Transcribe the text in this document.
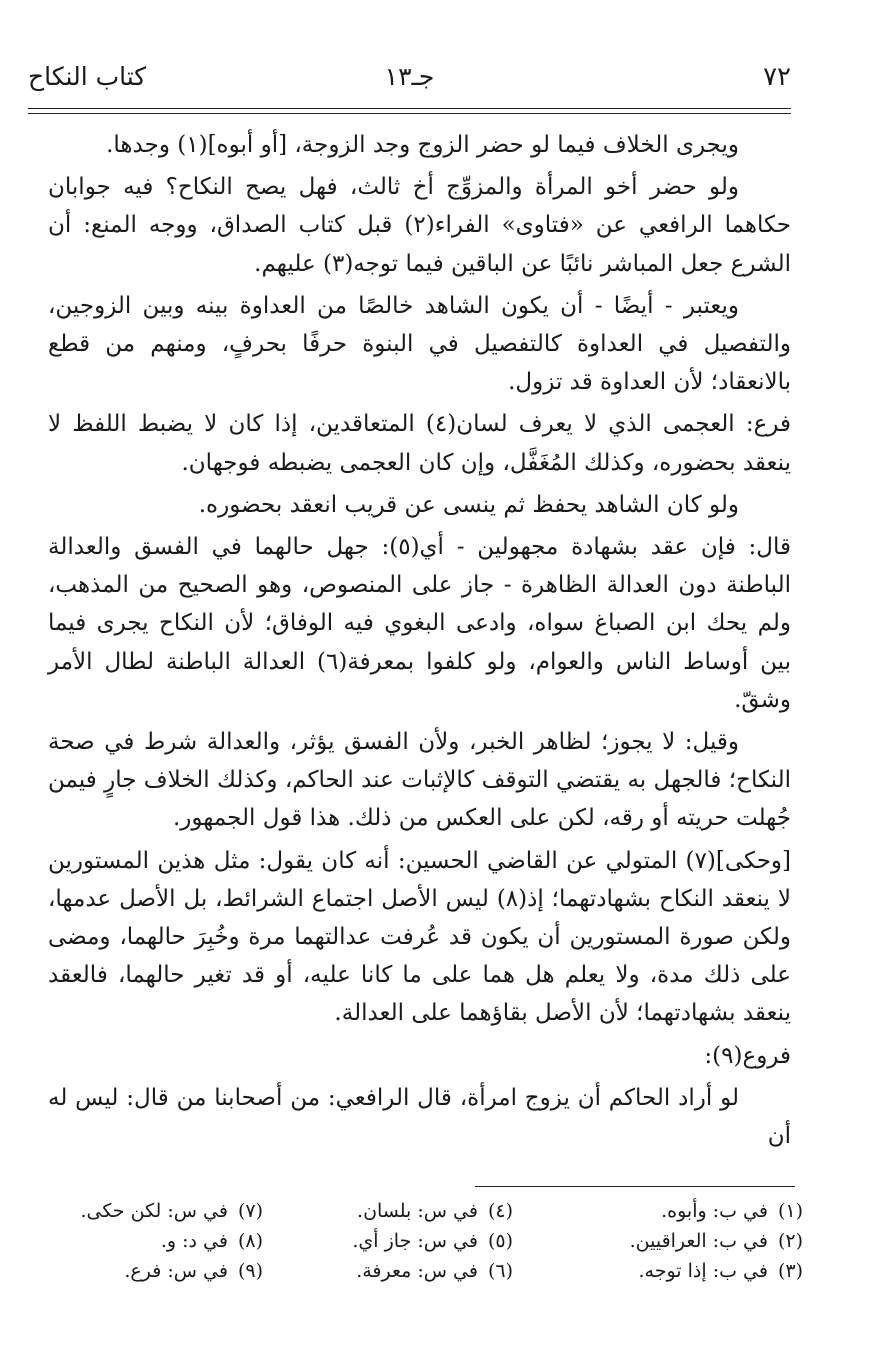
٧٢
جـ١٣
كتاب النكاح

ويجرى الخلاف فيما لو حضر الزوج وجد الزوجة، [أو أبوه](١) وجدها.

ولو حضر أخو المرأة والمزوِّج أخ ثالث، فهل يصح النكاح؟ فيه جوابان حكاهما الرافعي عن «فتاوى» الفراء(٢) قبل كتاب الصداق، ووجه المنع: أن الشرع جعل المباشر نائبًا عن الباقين فيما توجه(٣) عليهم.

ويعتبر - أيضًا - أن يكون الشاهد خالصًا من العداوة بينه وبين الزوجين، والتفصيل في العداوة كالتفصيل في البنوة حرفًا بحرفٍ، ومنهم من قطع بالانعقاد؛ لأن العداوة قد تزول.

فرع: العجمى الذي لا يعرف لسان(٤) المتعاقدين، إذا كان لا يضبط اللفظ لا ينعقد بحضوره، وكذلك المُغَفَّل، وإن كان العجمى يضبطه فوجهان.

ولو كان الشاهد يحفظ ثم ينسى عن قريب انعقد بحضوره.

قال: فإن عقد بشهادة مجهولين - أي(٥): جهل حالهما في الفسق والعدالة الباطنة دون العدالة الظاهرة - جاز على المنصوص، وهو الصحيح من المذهب، ولم يحك ابن الصباغ سواه، وادعى البغوي فيه الوفاق؛ لأن النكاح يجرى فيما بين أوساط الناس والعوام، ولو كلفوا بمعرفة(٦) العدالة الباطنة لطال الأمر وشقّ.

وقيل: لا يجوز؛ لظاهر الخبر، ولأن الفسق يؤثر، والعدالة شرط في صحة النكاح؛ فالجهل به يقتضي التوقف كالإثبات عند الحاكم، وكذلك الخلاف جارٍ فيمن جُهلت حريته أو رقه، لكن على العكس من ذلك. هذا قول الجمهور.

[وحكى](٧) المتولي عن القاضي الحسين: أنه كان يقول: مثل هذين المستورين لا ينعقد النكاح بشهادتهما؛ إذ(٨) ليس الأصل اجتماع الشرائط، بل الأصل عدمها، ولكن صورة المستورين أن يكون قد عُرفت عدالتهما مرة وخُبِرَ حالهما، ومضى على ذلك مدة، ولا يعلم هل هما على ما كانا عليه، أو قد تغير حالهما، فالعقد ينعقد بشهادتهما؛ لأن الأصل بقاؤهما على العدالة.

فروع(٩):

لو أراد الحاكم أن يزوج امرأة، قال الرافعي: من أصحابنا من قال: ليس له أن

(١)في ب: وأبوه.
(٢)في ب: العراقيين.
(٣)في ب: إذا توجه.
(٤)في س: بلسان.
(٥)في س: جاز أي.
(٦)في س: معرفة.
(٧)في س: لكن حكى.
(٨)في د: و.
(٩)في س: فرع.
